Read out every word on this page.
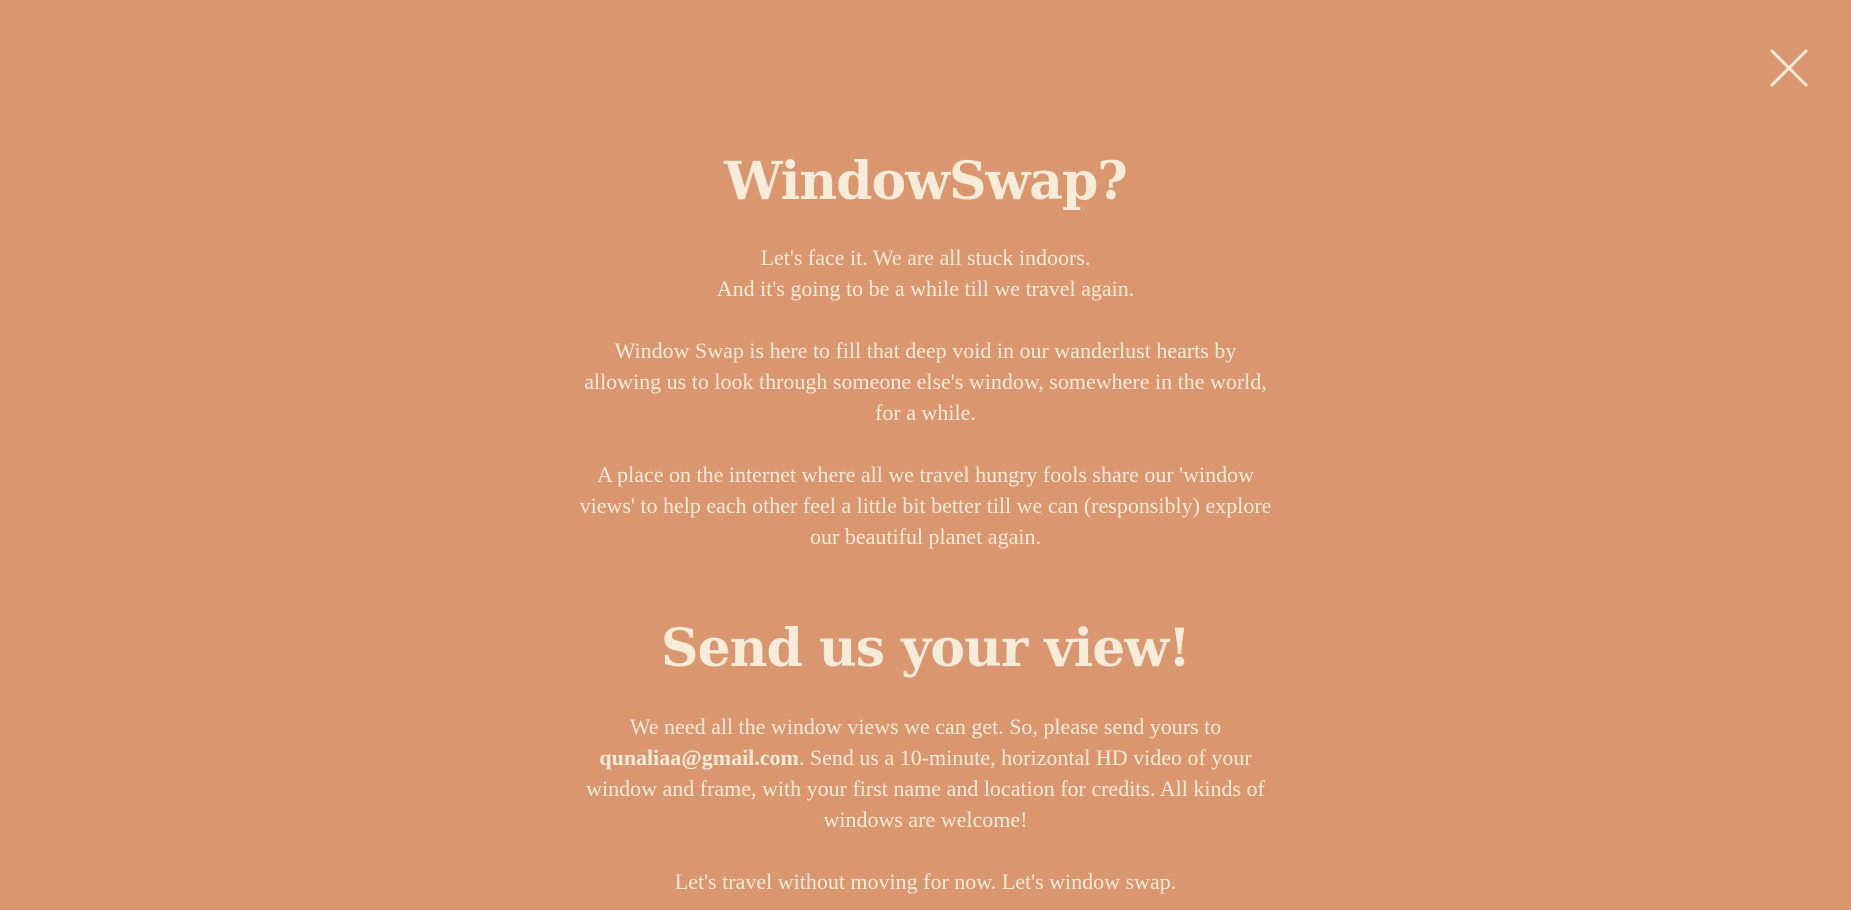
WindowSwap?
Let's face it. We are all stuck indoors.
And it's going to be a while till we travel again.
Window Swap is here to fill that deep void in our wanderlust hearts by allowing us to look through someone else's window, somewhere in the world, for a while.
A place on the internet where all we travel hungry fools share our 'window views' to help each other feel a little bit better till we can (responsibly) explore our beautiful planet again.
Send us your view!
We need all the window views we can get. So, please send yours to qunaliaa@gmail.com. Send us a 10-minute, horizontal HD video of your window and frame, with your first name and location for credits. All kinds of windows are welcome!
Let's travel without moving for now. Let's window swap.
